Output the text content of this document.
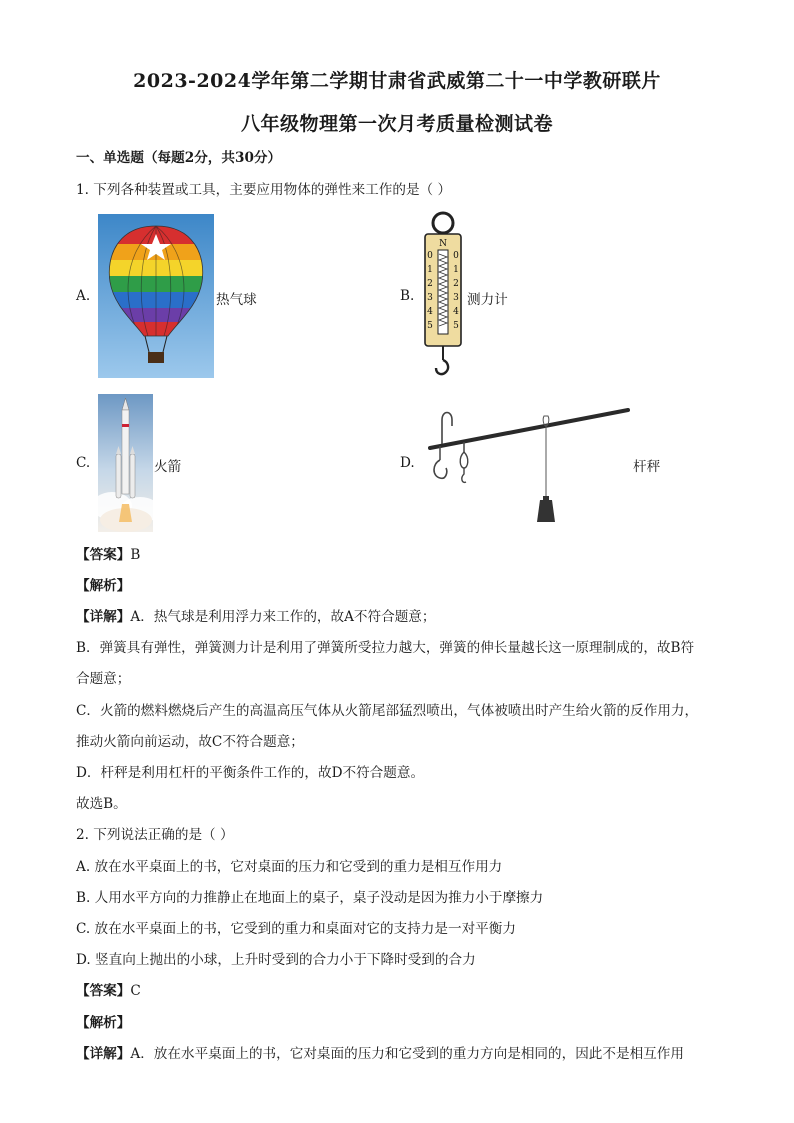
2023-2024学年第二学期甘肃省武威第二十一中学教研联片
八年级物理第一次月考质量检测试卷
一、单选题（每题2分，共30分）
1. 下列各种装置或工具，主要应用物体的弹性来工作的是（ ）
A.	热气球	B.
N
0
1
2
3
4
5
0
1
2
3
4
5
测力计
C.	火箭	D.	杆秤
【答案】B
【解析】
【详解】A．热气球是利用浮力来工作的，故A不符合题意；
B．弹簧具有弹性，弹簧测力计是利用了弹簧所受拉力越大，弹簧的伸长量越长这一原理制成的，故B符
合题意；
C．火箭的燃料燃烧后产生的高温高压气体从火箭尾部猛烈喷出，气体被喷出时产生给火箭的反作用力，
推动火箭向前运动，故C不符合题意；
D．杆秤是利用杠杆的平衡条件工作的，故D不符合题意。
故选B。
2. 下列说法正确的是（ ）
A. 放在水平桌面上的书，它对桌面的压力和它受到的重力是相互作用力
B. 人用水平方向的力推静止在地面上的桌子，桌子没动是因为推力小于摩擦力
C. 放在水平桌面上的书，它受到的重力和桌面对它的支持力是一对平衡力
D. 竖直向上抛出的小球，上升时受到的合力小于下降时受到的合力
【答案】C
【解析】
【详解】A．放在水平桌面上的书，它对桌面的压力和它受到的重力方向是相同的，因此不是相互作用
